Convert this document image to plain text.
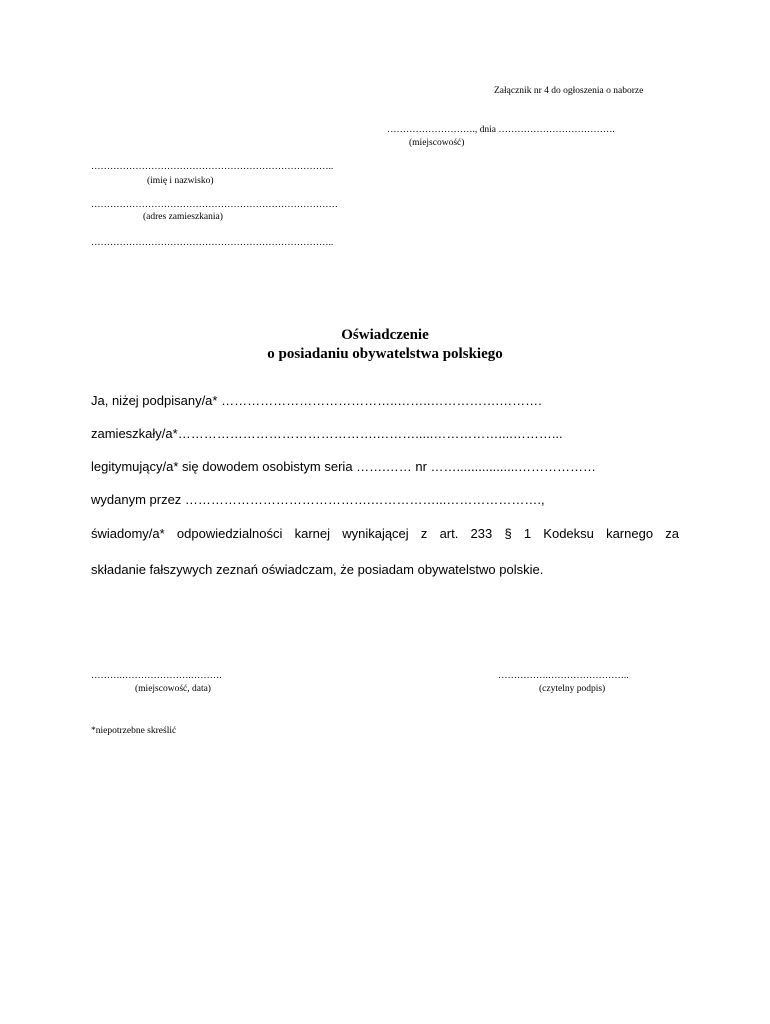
Załącznik nr 4 do ogłoszenia o naborze
………………………., dnia ……………………………….
(miejscowość)
…………………………………………………………………..
(imię i nazwisko)
……………………………………………………………………
(adres zamieszkania)
…………………………………………………………………..
Oświadczenie
o posiadaniu obywatelstwa polskiego
Ja, niżej podpisany/a* …………………………………..……..…………….……….
zamieszkały/a*……………………………………….……….....……………....………...
legitymujący/a* się dowodem osobistym seria …….…… nr …….................………………
wydanym przez …………………………………….……………...………………….,
świadomy/a* odpowiedzialności karnej wynikającej z art. 233 § 1 Kodeksu karnego za
składanie fałszywych zeznań oświadczam, że posiadam obywatelstwo polskie.
……….………………….……….
(miejscowość, data)
…………….……………………..
(czytelny podpis)
*niepotrzebne skreślić
